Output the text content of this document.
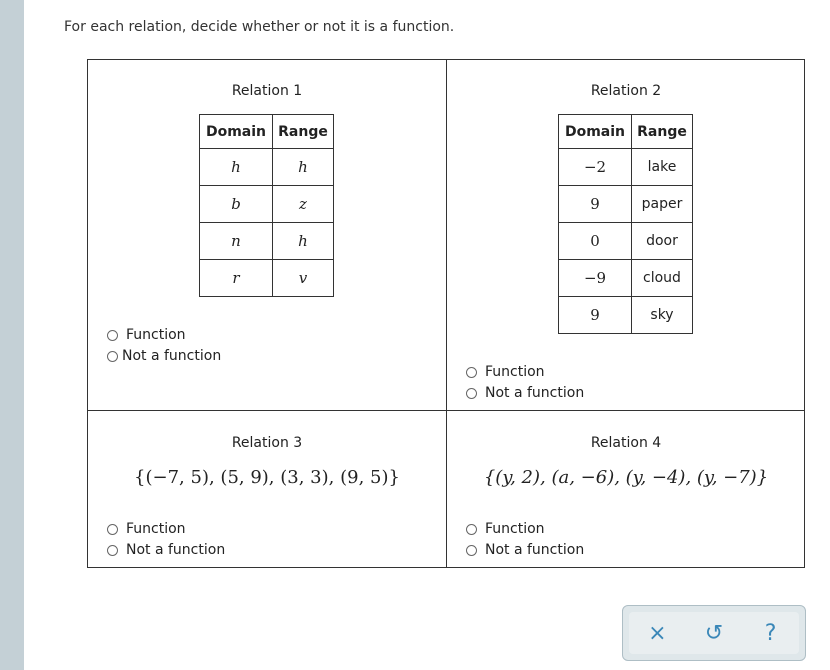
For each relation, decide whether or not it is a function.
Relation 1
Domain	Range
h	h
b	z
n	h
r	v
Function
Not a function
Relation 2
Domain	Range
−2	lake
9	paper
0	door
−9	cloud
9	sky
Function
Not a function
Relation 3
{(−7, 5), (5, 9), (3, 3), (9, 5)}
Function
Not a function
Relation 4
{(y, 2), (a, −6), (y, −4), (y, −7)}
Function
Not a function
×	↺	?
